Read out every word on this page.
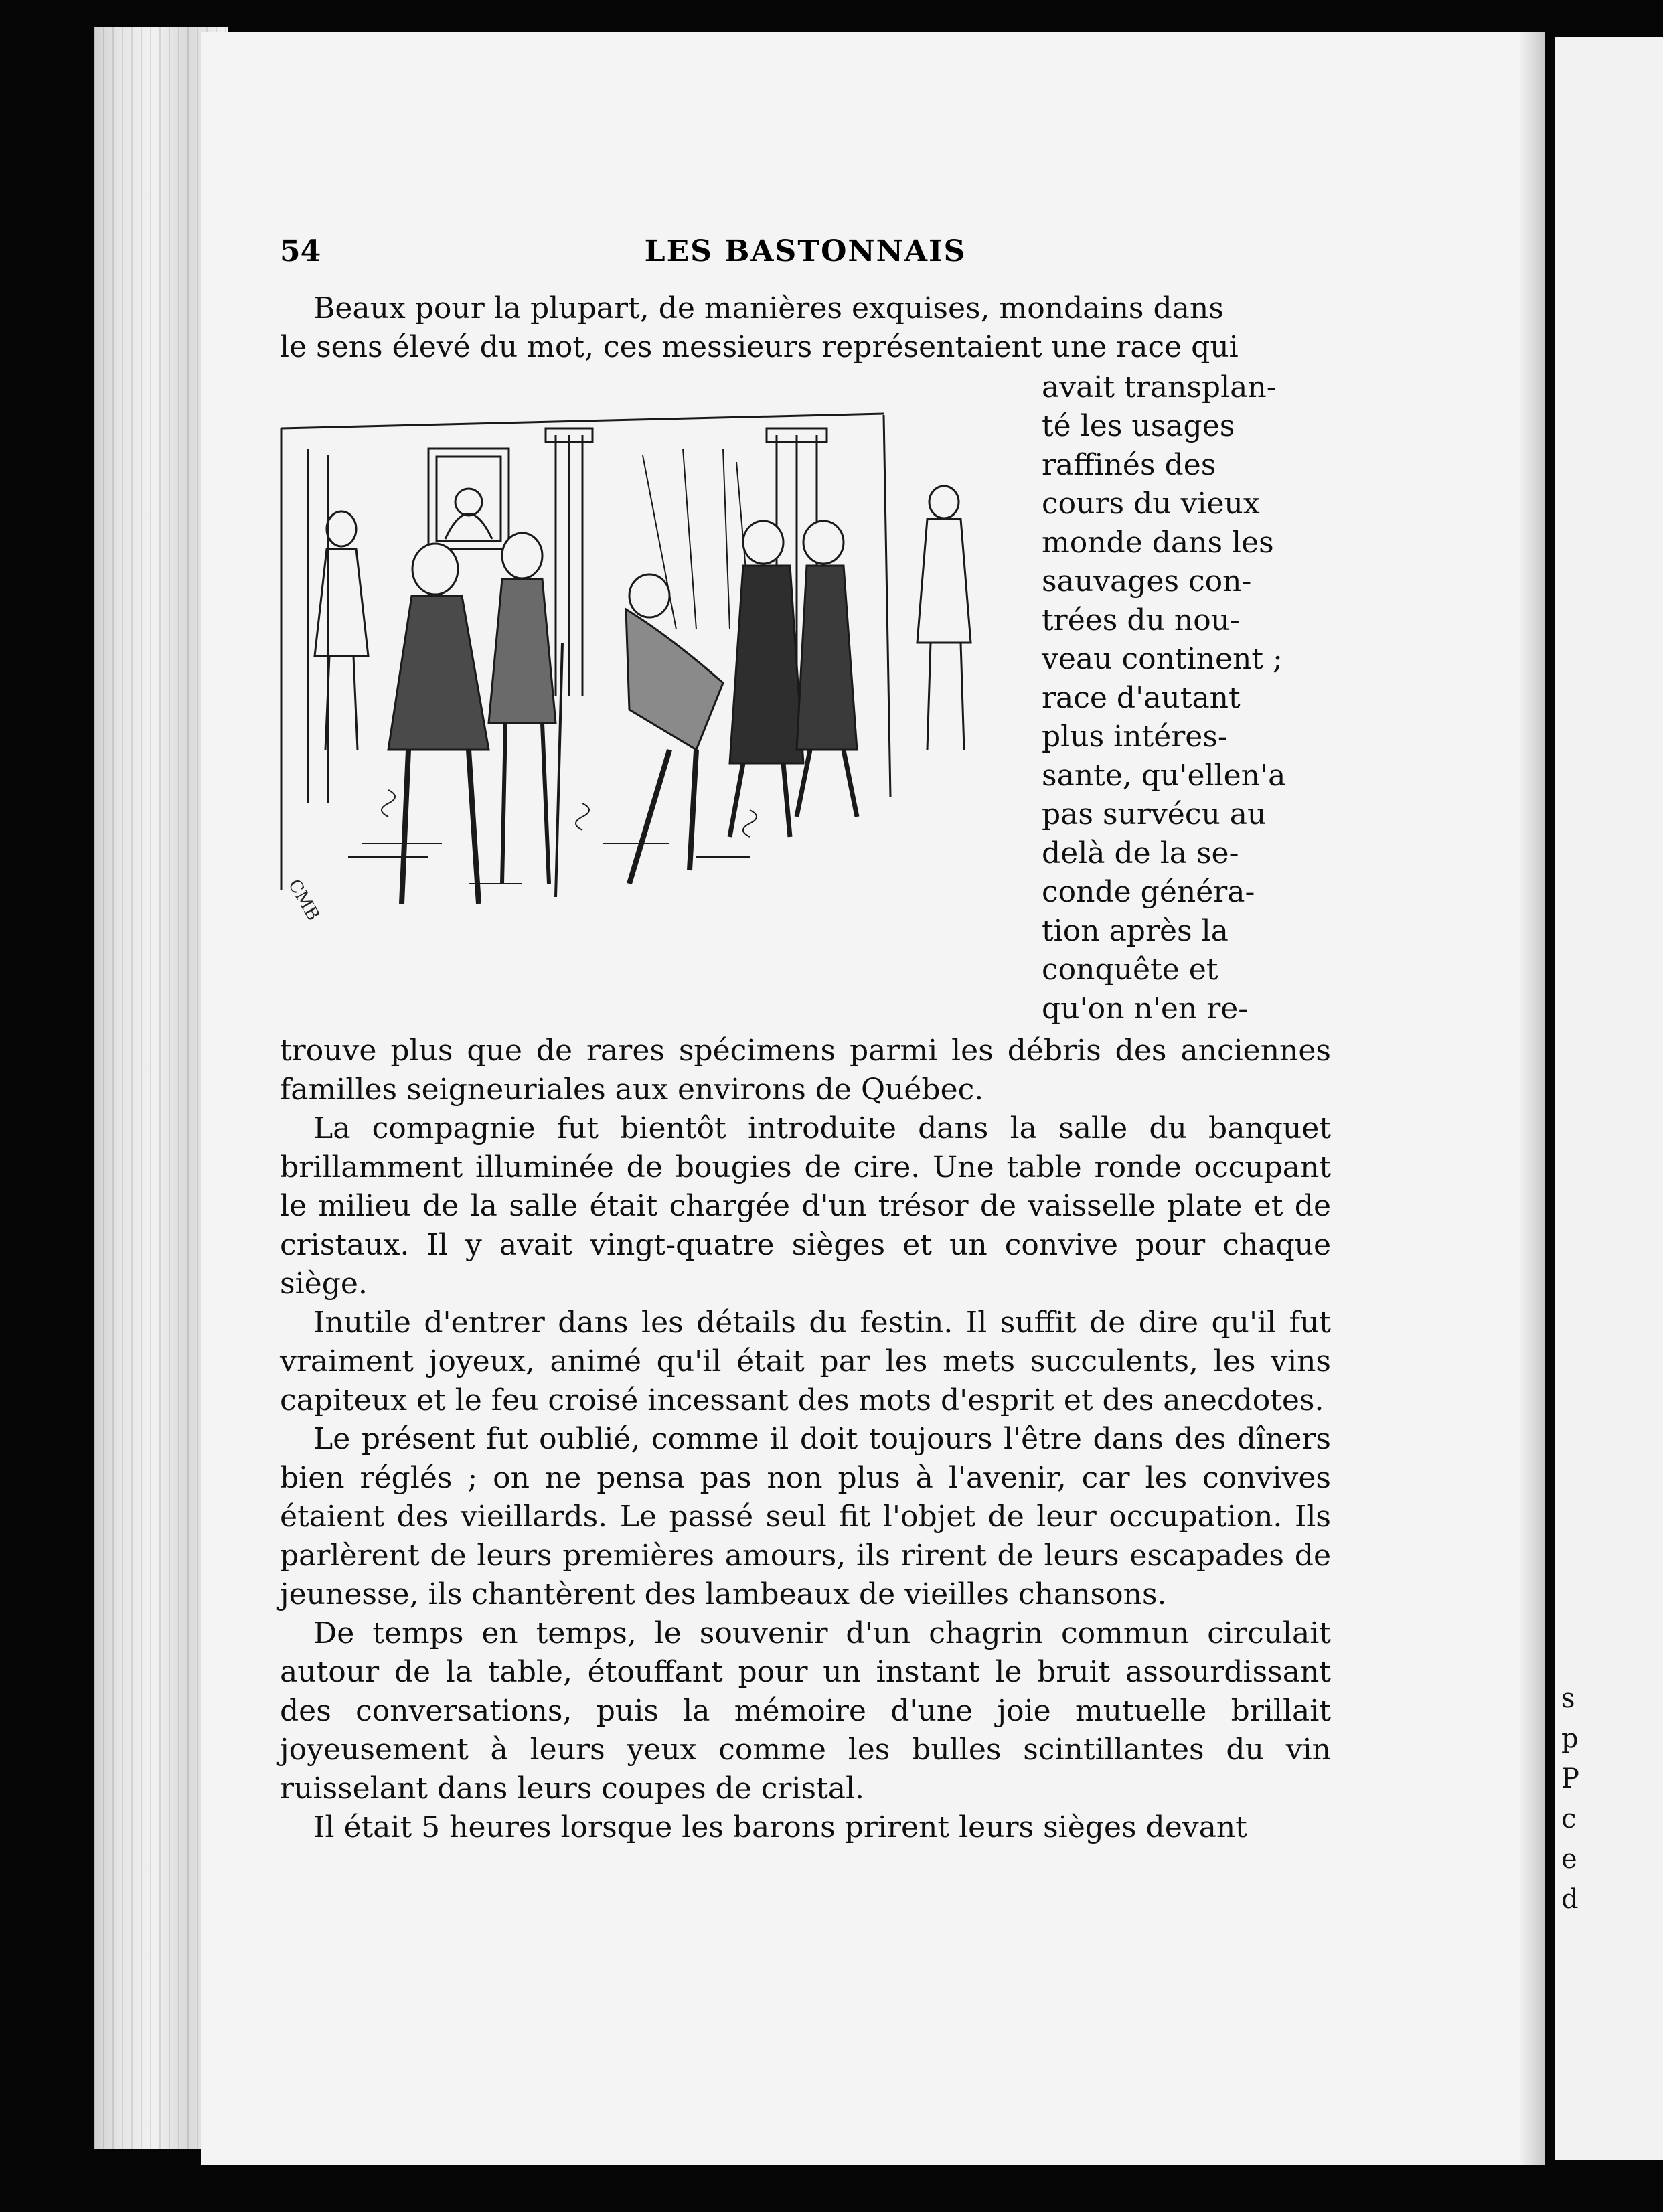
s
p
P
c
e
d
54	LES BASTONNAIS

Beaux pour la plupart, de manières exquises, mondains dans

le sens élevé du mot, ces messieurs représentaient une race qui

avait transplan-

té les usages

raffinés des

cours du vieux

monde dans les

sauvages con-

trées du nou-

veau continent ;

race d'autant

plus intéres-

sante, qu'ellen'a

pas survécu au

delà de la se-

conde généra-

tion après la

conquête et

qu'on n'en re-

CMB

trouve plus que de rares spécimens parmi les débris des anciennes familles seigneuriales aux environs de Québec.

La compagnie fut bientôt introduite dans la salle du banquet brillamment illuminée de bougies de cire. Une table ronde occupant le milieu de la salle était chargée d'un trésor de vaisselle plate et de cristaux. Il y avait vingt-quatre sièges et un convive pour chaque siège.

Inutile d'entrer dans les détails du festin. Il suffit de dire qu'il fut vraiment joyeux, animé qu'il était par les mets succulents, les vins capiteux et le feu croisé incessant des mots d'esprit et des anecdotes.

Le présent fut oublié, comme il doit toujours l'être dans des dîners bien réglés ; on ne pensa pas non plus à l'avenir, car les convives étaient des vieillards. Le passé seul fit l'objet de leur occupation. Ils parlèrent de leurs premières amours, ils rirent de leurs escapades de jeunesse, ils chantèrent des lambeaux de vieilles chansons.

De temps en temps, le souvenir d'un chagrin commun circulait autour de la table, étouffant pour un instant le bruit assourdissant des conversations, puis la mémoire d'une joie mutuelle brillait joyeusement à leurs yeux comme les bulles scintillantes du vin ruisselant dans leurs coupes de cristal.

Il était 5 heures lorsque les barons prirent leurs sièges devant
